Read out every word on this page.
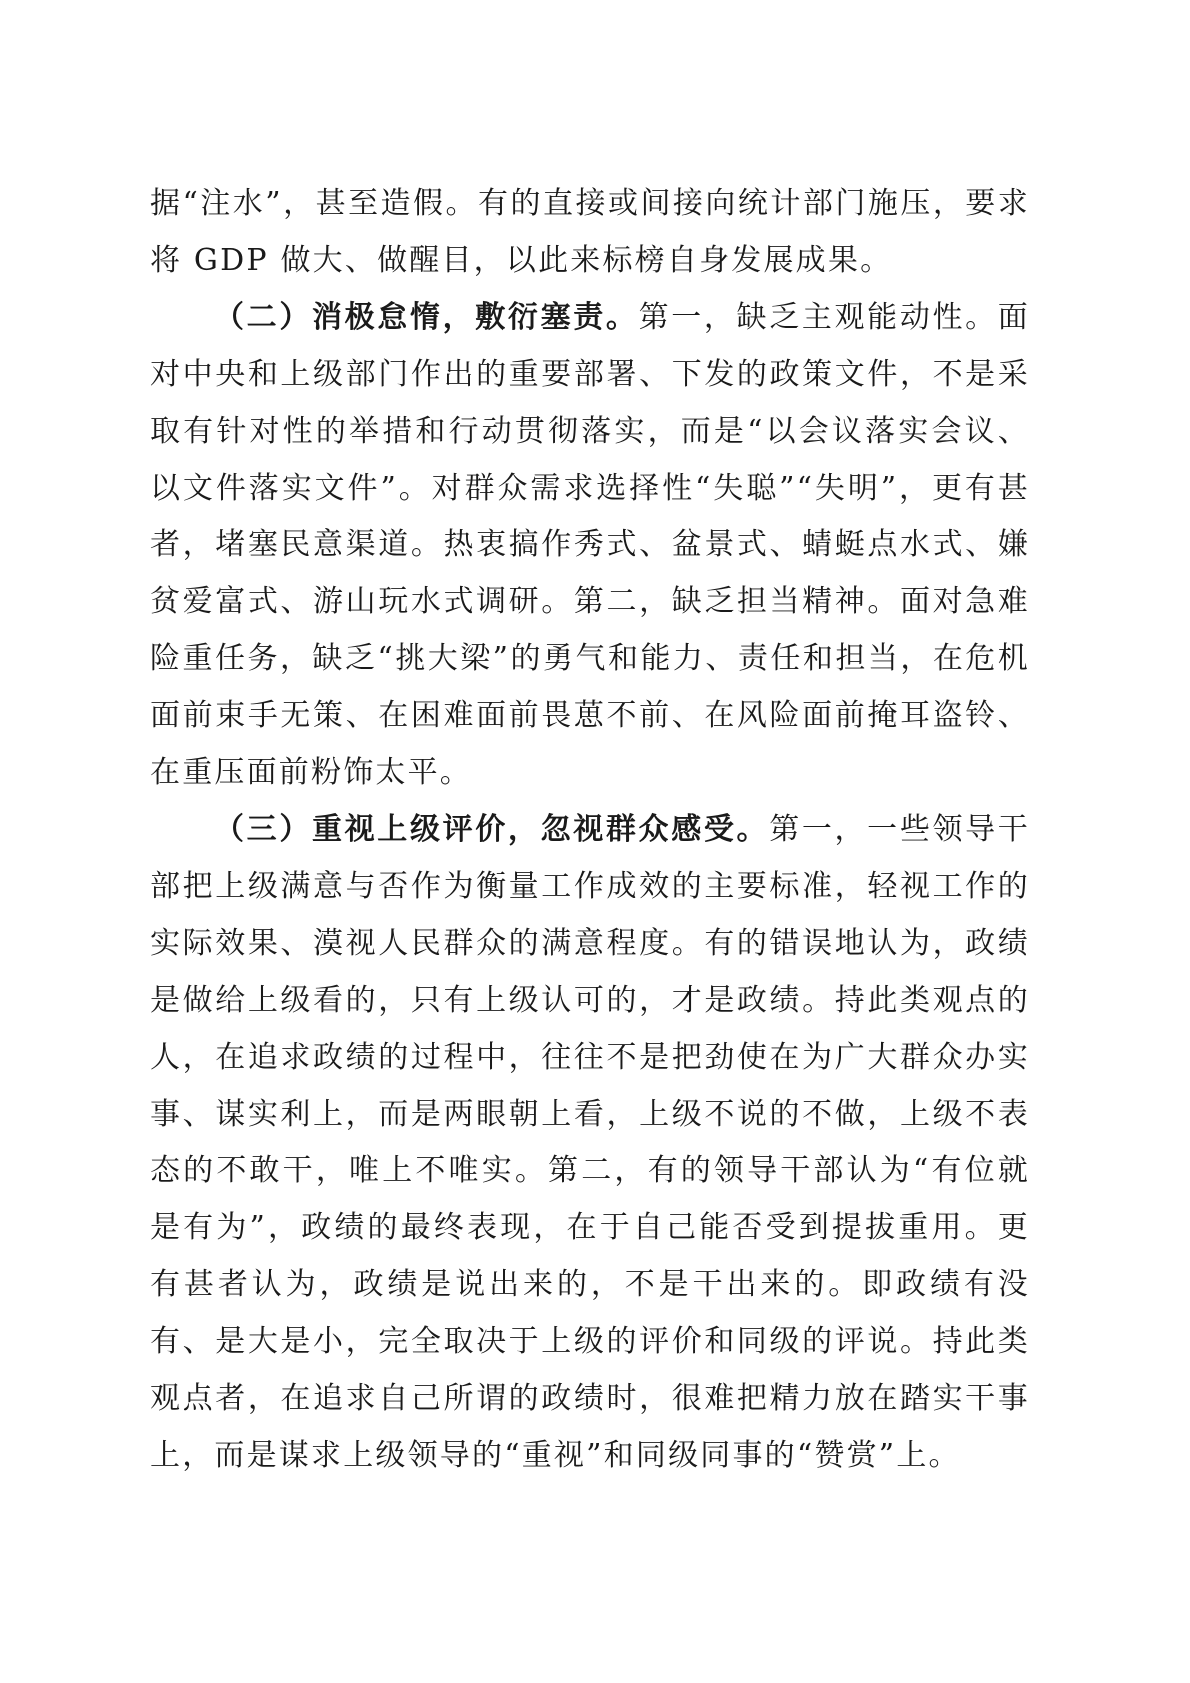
据“注水”，甚至造假。有的直接或间接向统计部门施压，要求将 GDP 做大、做醒目，以此来标榜自身发展成果。

（二）消极怠惰，敷衍塞责。第一，缺乏主观能动性。面对中央和上级部门作出的重要部署、下发的政策文件，不是采取有针对性的举措和行动贯彻落实，而是“以会议落实会议、以文件落实文件”。对群众需求选择性“失聪”“失明”，更有甚者，堵塞民意渠道。热衷搞作秀式、盆景式、蜻蜓点水式、嫌贫爱富式、游山玩水式调研。第二，缺乏担当精神。面对急难险重任务，缺乏“挑大梁”的勇气和能力、责任和担当，在危机面前束手无策、在困难面前畏葸不前、在风险面前掩耳盗铃、在重压面前粉饰太平。

（三）重视上级评价，忽视群众感受。第一，一些领导干部把上级满意与否作为衡量工作成效的主要标准，轻视工作的实际效果、漠视人民群众的满意程度。有的错误地认为，政绩是做给上级看的，只有上级认可的，才是政绩。持此类观点的人，在追求政绩的过程中，往往不是把劲使在为广大群众办实事、谋实利上，而是两眼朝上看，上级不说的不做，上级不表态的不敢干，唯上不唯实。第二，有的领导干部认为“有位就是有为”，政绩的最终表现，在于自己能否受到提拔重用。更有甚者认为，政绩是说出来的，不是干出来的。即政绩有没有、是大是小，完全取决于上级的评价和同级的评说。持此类观点者，在追求自己所谓的政绩时，很难把精力放在踏实干事上，而是谋求上级领导的“重视”和同级同事的“赞赏”上。
